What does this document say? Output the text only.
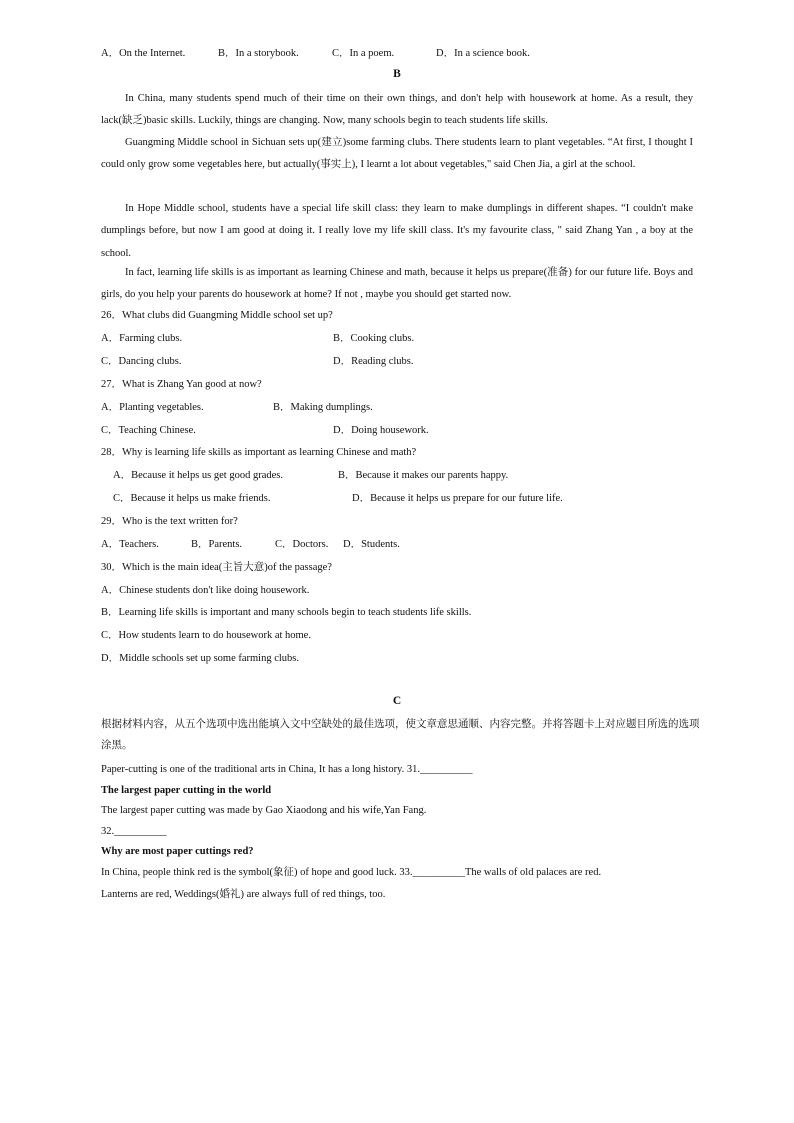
A．On the Internet.	B．In a storybook.	C．In a poem.	D．In a science book.
B

In China, many students spend much of their time on their own things, and don't help with housework at home. As a result, they lack(缺乏)basic skills. Luckily, things are changing. Now, many schools begin to teach students life skills.

Guangming Middle school in Sichuan sets up(建立)some farming clubs. There students learn to plant vegetables. “At first, I thought I could only grow some vegetables here, but actually(事实上), I learnt a lot about vegetables," said Chen Jia, a girl at the school.

In Hope Middle school, students have a special life skill class: they learn to make dumplings in different shapes. “I couldn't make dumplings before, but now I am good at doing it. I really love my life skill class. It's my favourite class, " said Zhang Yan , a boy at the school.

In fact, learning life skills is as important as learning Chinese and math, because it helps us prepare(准备) for our future life. Boys and girls, do you help your parents do housework at home? If not , maybe you should get started now.

26．What clubs did Guangming Middle school set up?
A．Farming clubs.	B．Cooking clubs.
C．Dancing clubs.	D．Reading clubs.
27．What is Zhang Yan good at now?
A．Planting vegetables.	B．Making dumplings.
C．Teaching Chinese.	D．Doing housework.
28．Why is learning life skills as important as learning Chinese and math?
A．Because it helps us get good grades.	B．Because it makes our parents happy.
C．Because it helps us make friends.	D．Because it helps us prepare for our future life.
29．Who is the text written for?
A．Teachers.	B．Parents.	C．Doctors. D．Students.
30．Which is the main idea(主旨大意)of the passage?
A．Chinese students don't like doing housework.
B．Learning life skills is important and many schools begin to teach students life skills.
C．How students learn to do housework at home.
D．Middle schools set up some farming clubs.
C

根据材料内容，从五个选项中选出能填入文中空缺处的最佳选项，使文章意思通顺、内容完整。并将答题卡上对应题目所选的选项涂黑。

Paper-cutting is one of the traditional arts in China, It has a long history. 31.__________
The largest paper cutting in the world
The largest paper cutting was made by Gao Xiaodong and his wife,Yan Fang.
32.__________
Why are most paper cuttings red?
In China, people think red is the symbol(象征) of hope and good luck. 33.__________The walls of old palaces are red.
Lanterns are red, Weddings(婚礼) are always full of red things, too.
